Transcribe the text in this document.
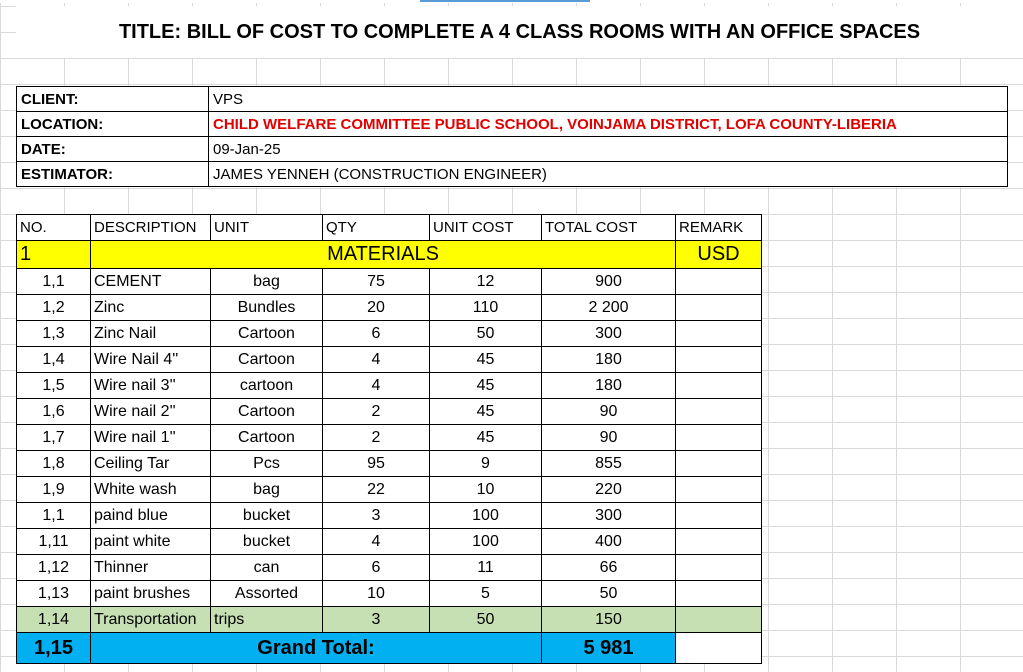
TITLE: BILL OF COST TO COMPLETE A 4 CLASS ROOMS WITH AN OFFICE SPACES
CLIENT:	VPS
LOCATION:	CHILD WELFARE COMMITTEE PUBLIC SCHOOL, VOINJAMA DISTRICT, LOFA COUNTY-LIBERIA
DATE:	09-Jan-25
ESTIMATOR:	JAMES YENNEH (CONSTRUCTION ENGINEER)
NO.	DESCRIPTION	UNIT	QTY	UNIT COST	TOTAL COST	REMARK
1	MATERIALS					USD
1,1	CEMENT	bag	75	12	900	
1,2	Zinc	Bundles	20	110	2 200	
1,3	Zinc Nail	Cartoon	6	50	300	
1,4	Wire Nail 4''	Cartoon	4	45	180	
1,5	Wire nail 3''	cartoon	4	45	180	
1,6	Wire nail 2''	Cartoon	2	45	90	
1,7	Wire nail 1''	Cartoon	2	45	90	
1,8	Ceiling Tar	Pcs	95	9	855	
1,9	White wash	bag	22	10	220	
1,1	paind blue	bucket	3	100	300	
1,11	paint white	bucket	4	100	400	
1,12	Thinner	can	6	11	66	
1,13	paint brushes	Assorted	10	5	50	
1,14	Transportation	trips	3	50	150	
1,15	Grand Total:				5 981	
